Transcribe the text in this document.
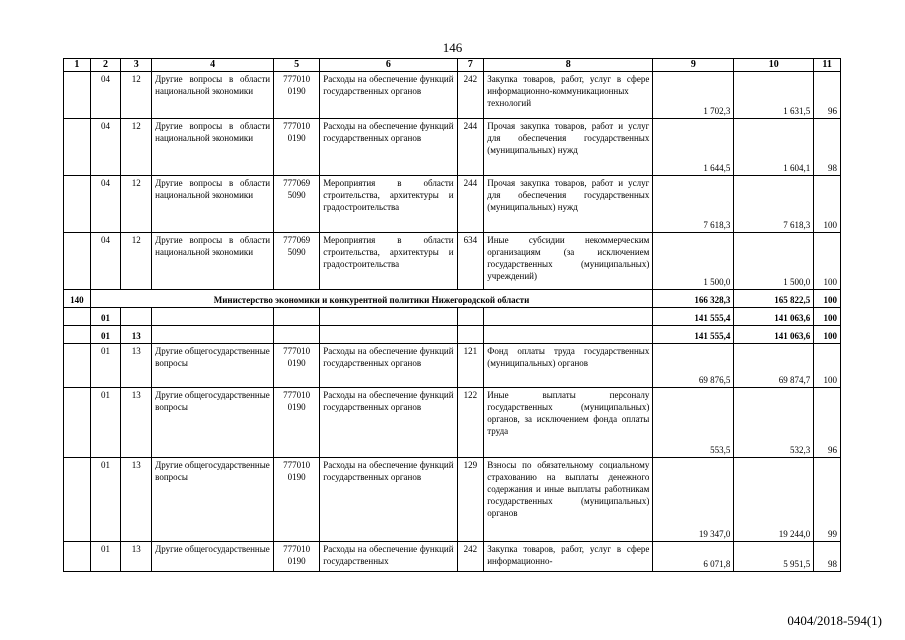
146
1	2	3	4	5	6	7	8	9	10	11
	04	12	Другие вопросы в области национальной экономики	777010 0190	Расходы на обеспечение функций государственных органов	242	Закупка товаров, работ, услуг в сфере информационно-коммуникационных технологий	1 702,3	1 631,5	96
	04	12	Другие вопросы в области национальной экономики	777010 0190	Расходы на обеспечение функций государственных органов	244	Прочая закупка товаров, работ и услуг для обеспечения государственных (муниципальных) нужд	1 644,5	1 604,1	98
	04	12	Другие вопросы в области национальной экономики	777069 5090	Мероприятия в области строительства, архитектуры и градостроительства	244	Прочая закупка товаров, работ и услуг для обеспечения государственных (муниципальных) нужд	7 618,3	7 618,3	100
	04	12	Другие вопросы в области национальной экономики	777069 5090	Мероприятия в области строительства, архитектуры и градостроительства	634	Иные субсидии некоммерческим организациям (за исключением государственных (муниципальных) учреждений)	1 500,0	1 500,0	100
140	Министерство экономики и конкурентной политики Нижегородской области							166 328,3	165 822,5	100
	01							141 555,4	141 063,6	100
	01	13						141 555,4	141 063,6	100
	01	13	Другие общегосударственные вопросы	777010 0190	Расходы на обеспечение функций государственных органов	121	Фонд оплаты труда государственных (муниципальных) органов	69 876,5	69 874,7	100
	01	13	Другие общегосударственные вопросы	777010 0190	Расходы на обеспечение функций государственных органов	122	Иные выплаты персоналу государственных (муниципальных) органов, за исключением фонда оплаты труда	553,5	532,3	96
	01	13	Другие общегосударственные вопросы	777010 0190	Расходы на обеспечение функций государственных органов	129	Взносы по обязательному социальному страхованию на выплаты денежного содержания и иные выплаты работникам государственных (муниципальных) органов	19 347,0	19 244,0	99
	01	13	Другие общегосударственные	777010 0190	Расходы на обеспечение функций государственных	242	Закупка товаров, работ, услуг в сфере информационно-	6 071,8	5 951,5	98
0404/2018-594(1)
